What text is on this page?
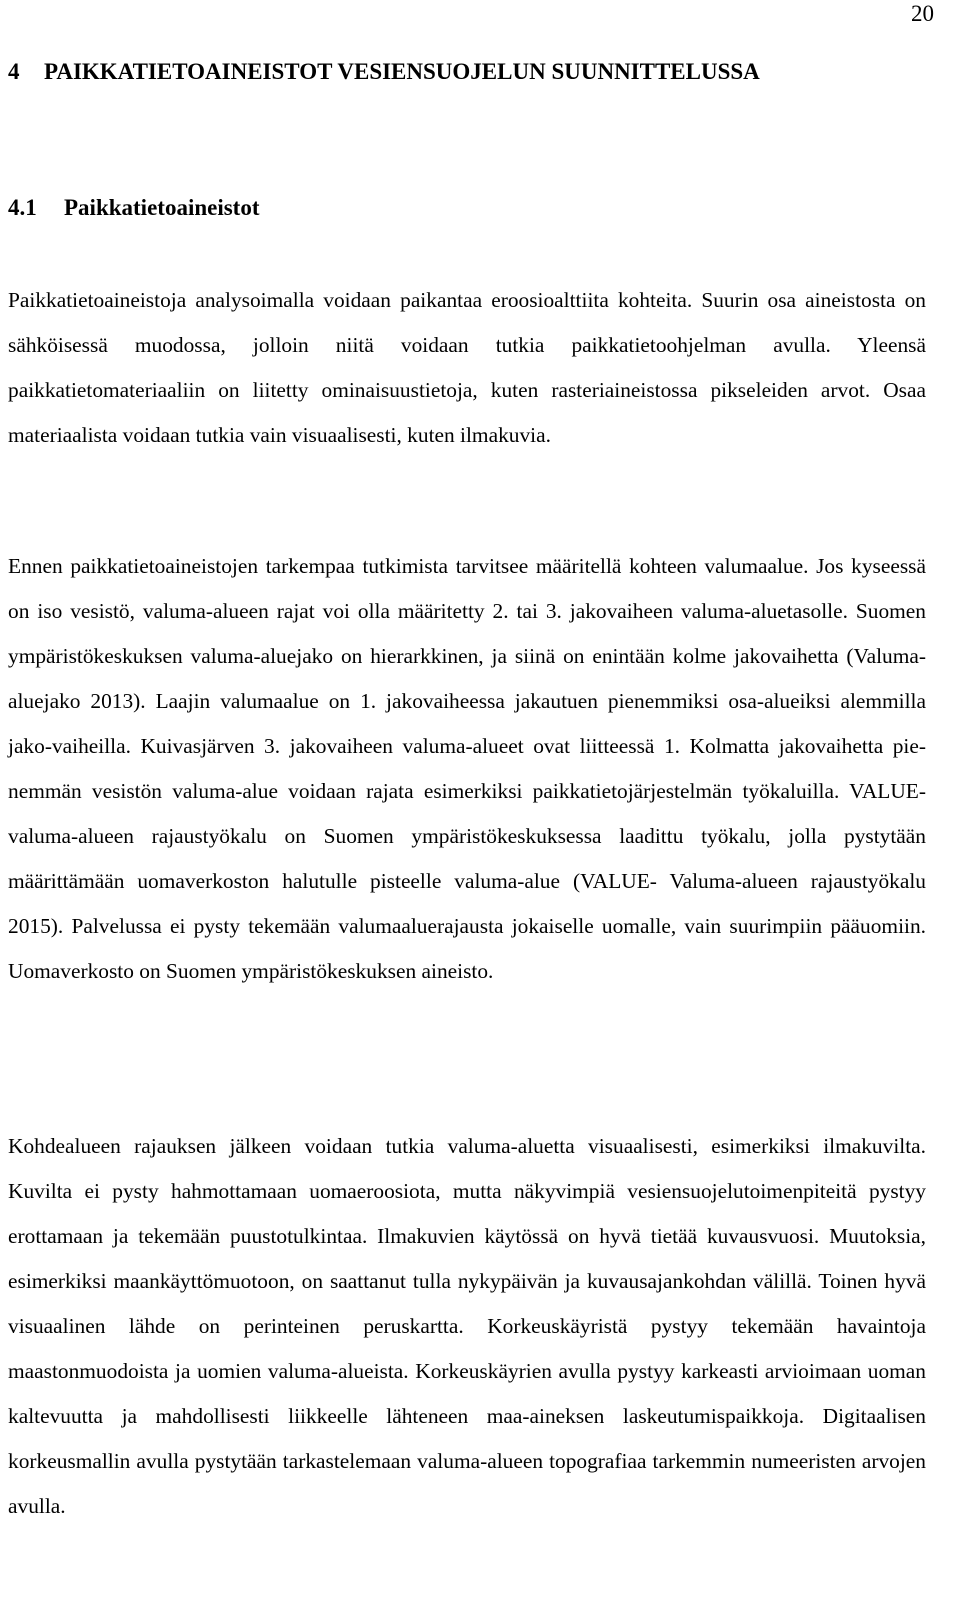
20
4 PAIKKATIETOAINEISTOT VESIENSUOJELUN SUUNNITTELUSSA
4.1 Paikkatietoaineistot

Paikkatietoaineistoja analysoimalla voidaan paikantaa eroosioalttiita kohteita. Suurin osa aineistosta on sähköisessä muodossa, jolloin niitä voidaan tutkia paikkatietoohjelman avulla. Yleensä paikkatietomateriaaliin on liitetty ominaisuustietoja, kuten rasteriaineistossa pikseleiden arvot. Osaa materiaalista voidaan tutkia vain visuaalisesti, kuten ilmakuvia.

Ennen paikkatietoaineistojen tarkempaa tutkimista tarvitsee määritellä kohteen valumaalue. Jos kyseessä on iso vesistö, valuma-alueen rajat voi olla määritetty 2. tai 3. jakovaiheen valuma-aluetasolle. Suomen ympäristökeskuksen valuma-aluejako on hierarkkinen, ja siinä on enintään kolme jakovaihetta (Valuma-aluejako 2013). Laajin valumaalue on 1. jakovaiheessa jakautuen pienemmiksi osa-alueiksi alemmilla jako-vaiheilla. Kuivasjärven 3. jakovaiheen valuma-alueet ovat liitteessä 1. Kolmatta jakovaihetta pienemmän vesistön valuma-alue voidaan rajata esimerkiksi paikkatietojärjestelmän työkaluilla. VALUE-valuma-alueen rajaustyökalu on Suomen ympäristökeskuksessa laadittu työkalu, jolla pystytään määrittämään uomaverkoston halutulle pisteelle valuma-alue (VALUE- Valuma-alueen rajaustyökalu 2015). Palvelussa ei pysty tekemään valumaaluerajausta jokaiselle uomalle, vain suurimpiin pääuomiin. Uomaverkosto on Suomen ympäristökeskuksen aineisto.

Kohdealueen rajauksen jälkeen voidaan tutkia valuma-aluetta visuaalisesti, esimerkiksi ilmakuvilta. Kuvilta ei pysty hahmottamaan uomaeroosiota, mutta näkyvimpiä vesiensuojelutoimenpiteitä pystyy erottamaan ja tekemään puustotulkintaa. Ilmakuvien käytössä on hyvä tietää kuvausvuosi. Muutoksia, esimerkiksi maankäyttömuotoon, on saattanut tulla nykypäivän ja kuvausajankohdan välillä. Toinen hyvä visuaalinen lähde on perinteinen peruskartta. Korkeuskäyristä pystyy tekemään havaintoja maastonmuodoista ja uomien valuma-alueista. Korkeuskäyrien avulla pystyy karkeasti arvioimaan uoman kaltevuutta ja mahdollisesti liikkeelle lähteneen maa-aineksen laskeutumispaikkoja. Digitaalisen korkeusmallin avulla pystytään tarkastelemaan valuma-alueen topografiaa tarkemmin numeeristen arvojen avulla.
